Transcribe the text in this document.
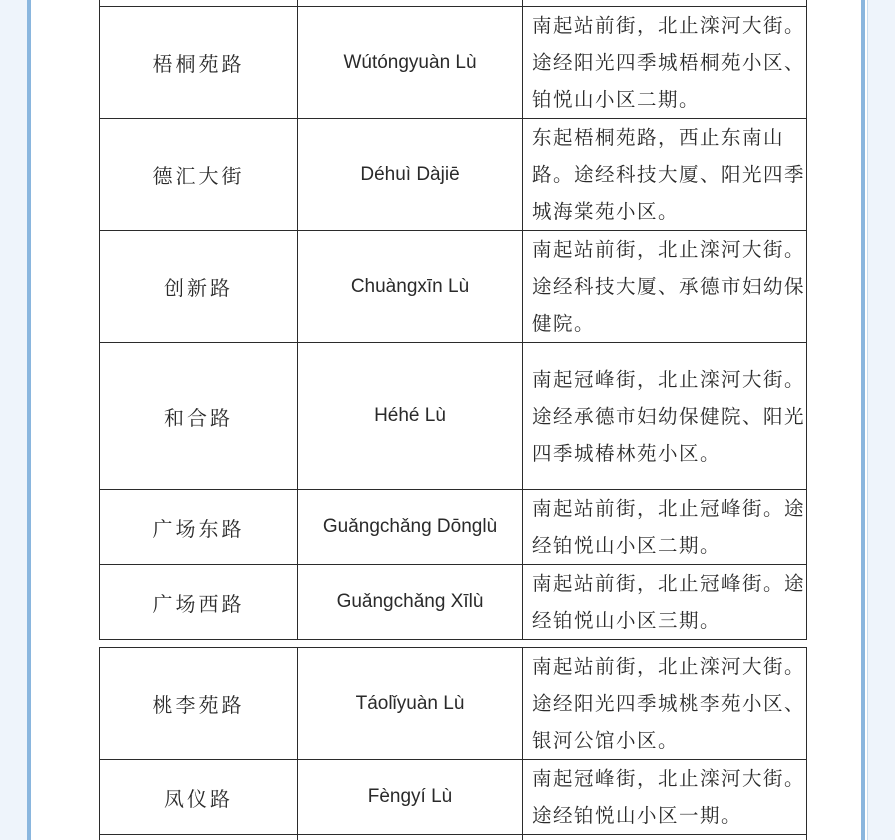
梧桐苑路	Wútóngyuàn Lù	南起站前街，北止滦河大街。途经阳光四季城梧桐苑小区、铂悦山小区二期。
德汇大街	Déhuì Dàjiē	东起梧桐苑路，西止东南山路。途经科技大厦、阳光四季城海棠苑小区。
创新路	Chuàngxīn Lù	南起站前街，北止滦河大街。途经科技大厦、承德市妇幼保健院。
和合路	Héhé Lù	南起冠峰街，北止滦河大街。途经承德市妇幼保健院、阳光四季城椿林苑小区。
广场东路	Guǎngchǎng Dōnglù	南起站前街，北止冠峰街。途经铂悦山小区二期。
广场西路	Guǎngchǎng Xīlù	南起站前街，北止冠峰街。途经铂悦山小区三期。
桃李苑路	Táolǐyuàn Lù	南起站前街，北止滦河大街。途经阳光四季城桃李苑小区、银河公馆小区。
凤仪路	Fèngyí Lù	南起冠峰街，北止滦河大街。途经铂悦山小区一期。
